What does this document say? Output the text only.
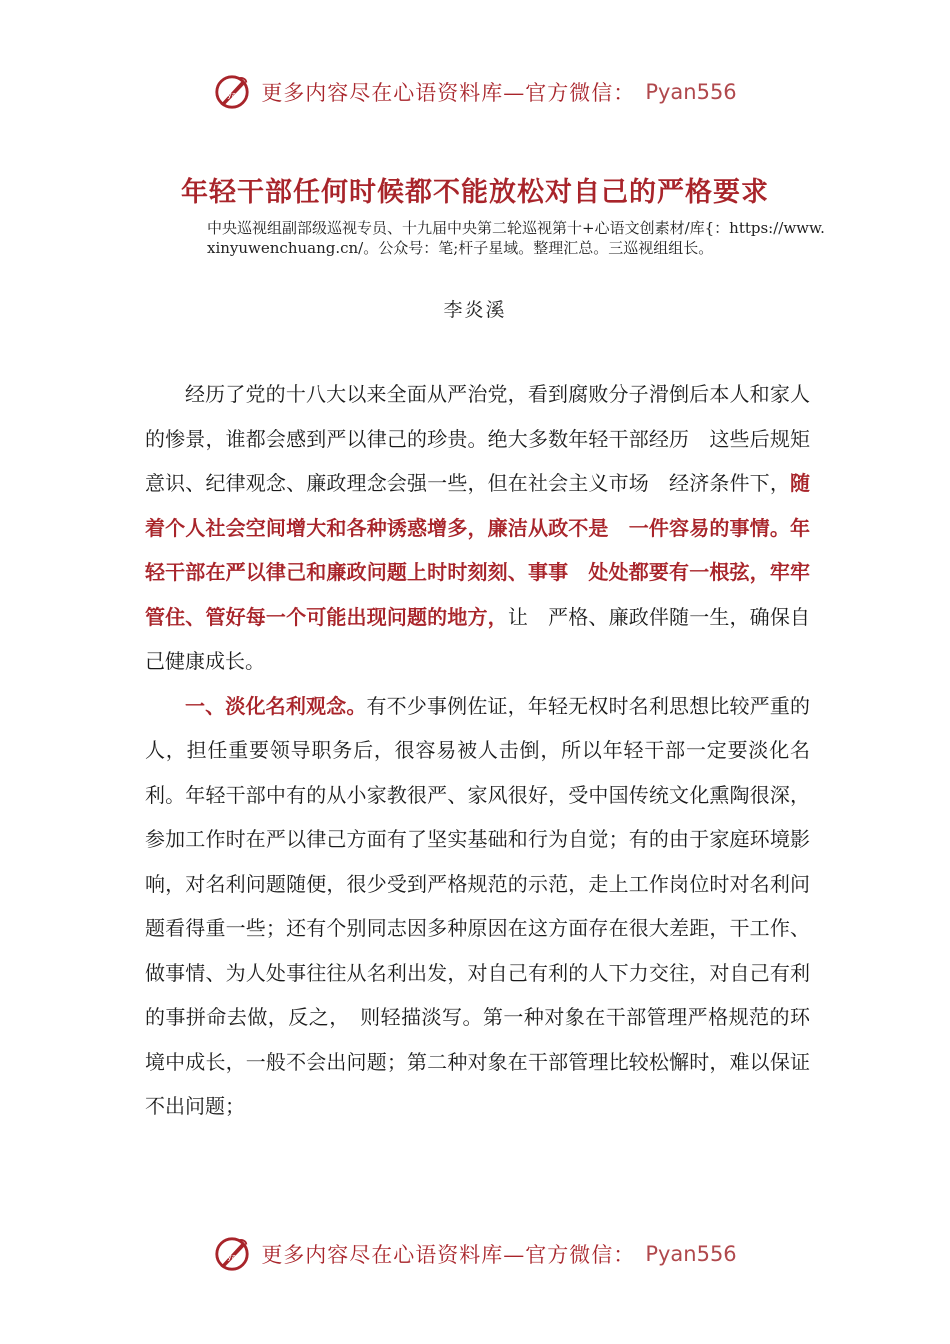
Pyan 更多内容尽在心语资料库—官方微信： Pyan556
年轻干部任何时候都不能放松对自己的严格要求
中央巡视组副部级巡视专员、十九届中央第二轮巡视第十+心语文创素材/库{：https://www.xinyuwenchuang.cn/。公众号：笔;杆子星域。整理汇总。三巡视组组长。
李炎溪

经历了党的十八大以来全面从严治党，看到腐败分子滑倒后本人和家人的惨景，谁都会感到严以律己的珍贵。绝大多数年轻干部经历　这些后规矩意识、纪律观念、廉政理念会强一些，但在社会主义市场　经济条件下，随着个人社会空间增大和各种诱惑增多，廉洁从政不是　一件容易的事情。年轻干部在严以律己和廉政问题上时时刻刻、事事　处处都要有一根弦，牢牢管住、管好每一个可能出现问题的地方，让　严格、廉政伴随一生，确保自己健康成长。

一、淡化名利观念。有不少事例佐证，年轻无权时名利思想比较严重的人，担任重要领导职务后，很容易被人击倒，所以年轻干部一定要淡化名利。年轻干部中有的从小家教很严、家风很好，受中国传统文化熏陶很深，参加工作时在严以律己方面有了坚实基础和行为自觉；有的由于家庭环境影响，对名利问题随便，很少受到严格规范的示范，走上工作岗位时对名利问题看得重一些；还有个别同志因多种原因在这方面存在很大差距，干工作、做事情、为人处事往往从名利出发，对自己有利的人下力交往，对自己有利的事拼命去做，反之，　则轻描淡写。第一种对象在干部管理严格规范的环境中成长，一般不会出问题；第二种对象在干部管理比较松懈时，难以保证不出问题；

Pyan 更多内容尽在心语资料库—官方微信： Pyan556
